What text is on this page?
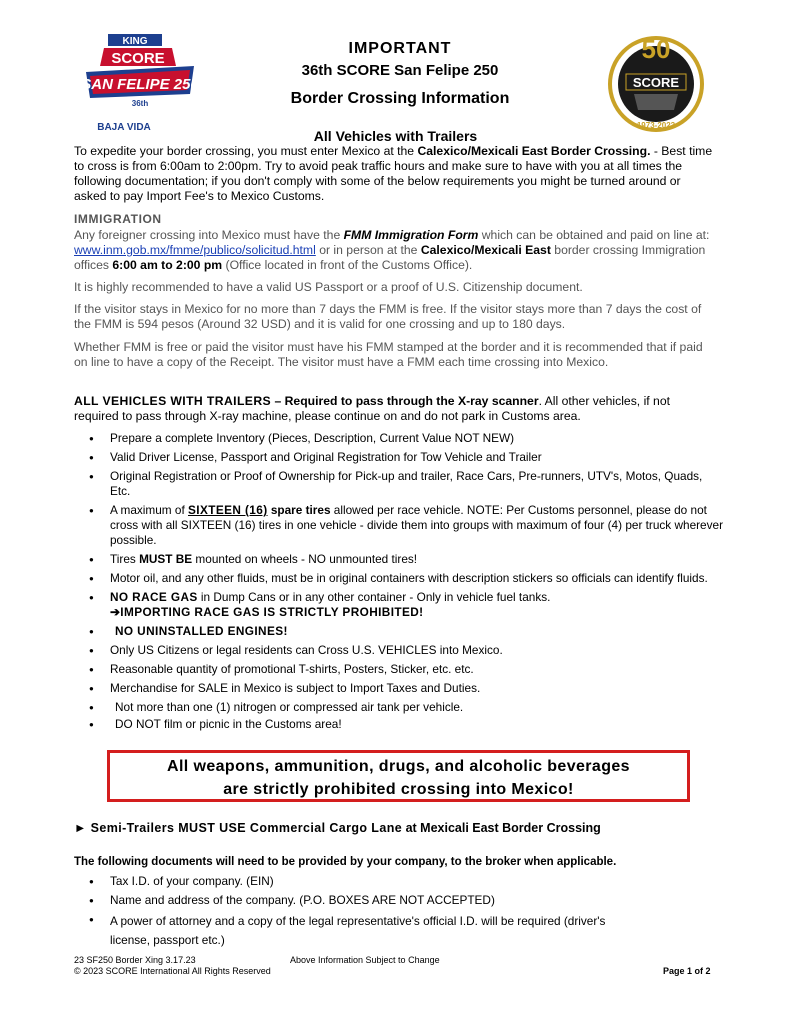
KING
SCORE
SAN FELIPE 250
36th
BAJA VIDA
IMPORTANT
36th SCORE San Felipe 250
Border Crossing Information
50
SCORE
1973-2023
All Vehicles with Trailers
To expedite your border crossing, you must enter Mexico at the Calexico/Mexicali East Border Crossing. - Best time to cross is from 6:00am to 2:00pm. Try to avoid peak traffic hours and make sure to have with you at all times the following documentation; if you don't comply with some of the below requirements you might be turned around or asked to pay Import Fee's to Mexico Customs.
IMMIGRATION
Any foreigner crossing into Mexico must have the FMM Immigration Form which can be obtained and paid on line at: www.inm.gob.mx/fmme/publico/solicitud.html or in person at the Calexico/Mexicali East border crossing Immigration offices 6:00 am to 2:00 pm (Office located in front of the Customs Office).
It is highly recommended to have a valid US Passport or a proof of U.S. Citizenship document.
If the visitor stays in Mexico for no more than 7 days the FMM is free. If the visitor stays more than 7 days the cost of the FMM is 594 pesos (Around 32 USD) and it is valid for one crossing and up to 180 days.
Whether FMM is free or paid the visitor must have his FMM stamped at the border and it is recommended that if paid on line to have a copy of the Receipt. The visitor must have a FMM each time crossing into Mexico.
ALL VEHICLES WITH TRAILERS – Required to pass through the X-ray scanner. All other vehicles, if not required to pass through X-ray machine, please continue on and do not park in Customs area.
● Prepare a complete Inventory (Pieces, Description, Current Value NOT NEW)
● Valid Driver License, Passport and Original Registration for Tow Vehicle and Trailer
● Original Registration or Proof of Ownership for Pick-up and trailer, Race Cars, Pre-runners, UTV's, Motos, Quads, Etc.
● A maximum of SIXTEEN (16) spare tires allowed per race vehicle. NOTE: Per Customs personnel, please do not cross with all SIXTEEN (16) tires in one vehicle - divide them into groups with maximum of four (4) per truck wherever possible.
● Tires MUST BE mounted on wheels - NO unmounted tires!
● Motor oil, and any other fluids, must be in original containers with description stickers so officials can identify fluids.
● NO RACE GAS in Dump Cans or in any other container - Only in vehicle fuel tanks.
➔IMPORTING RACE GAS IS STRICTLY PROHIBITED!
● NO UNINSTALLED ENGINES!
● Only US Citizens or legal residents can Cross U.S. VEHICLES into Mexico.
● Reasonable quantity of promotional T-shirts, Posters, Sticker, etc. etc.
● Merchandise for SALE in Mexico is subject to Import Taxes and Duties.
● Not more than one (1) nitrogen or compressed air tank per vehicle.
● DO NOT film or picnic in the Customs area!
All weapons, ammunition, drugs, and alcoholic beverages
are strictly prohibited crossing into Mexico!
► Semi-Trailers MUST USE Commercial Cargo Lane at Mexicali East Border Crossing
The following documents will need to be provided by your company, to the broker when applicable.
● Tax I.D. of your company. (EIN)
● Name and address of the company. (P.O. BOXES ARE NOT ACCEPTED)
● A power of attorney and a copy of the legal representative's official I.D. will be required (driver's license, passport etc.)
23 SF250 Border Xing 3.17.23	Above Information Subject to Change
© 2023 SCORE International All Rights Reserved	Page 1 of 2
